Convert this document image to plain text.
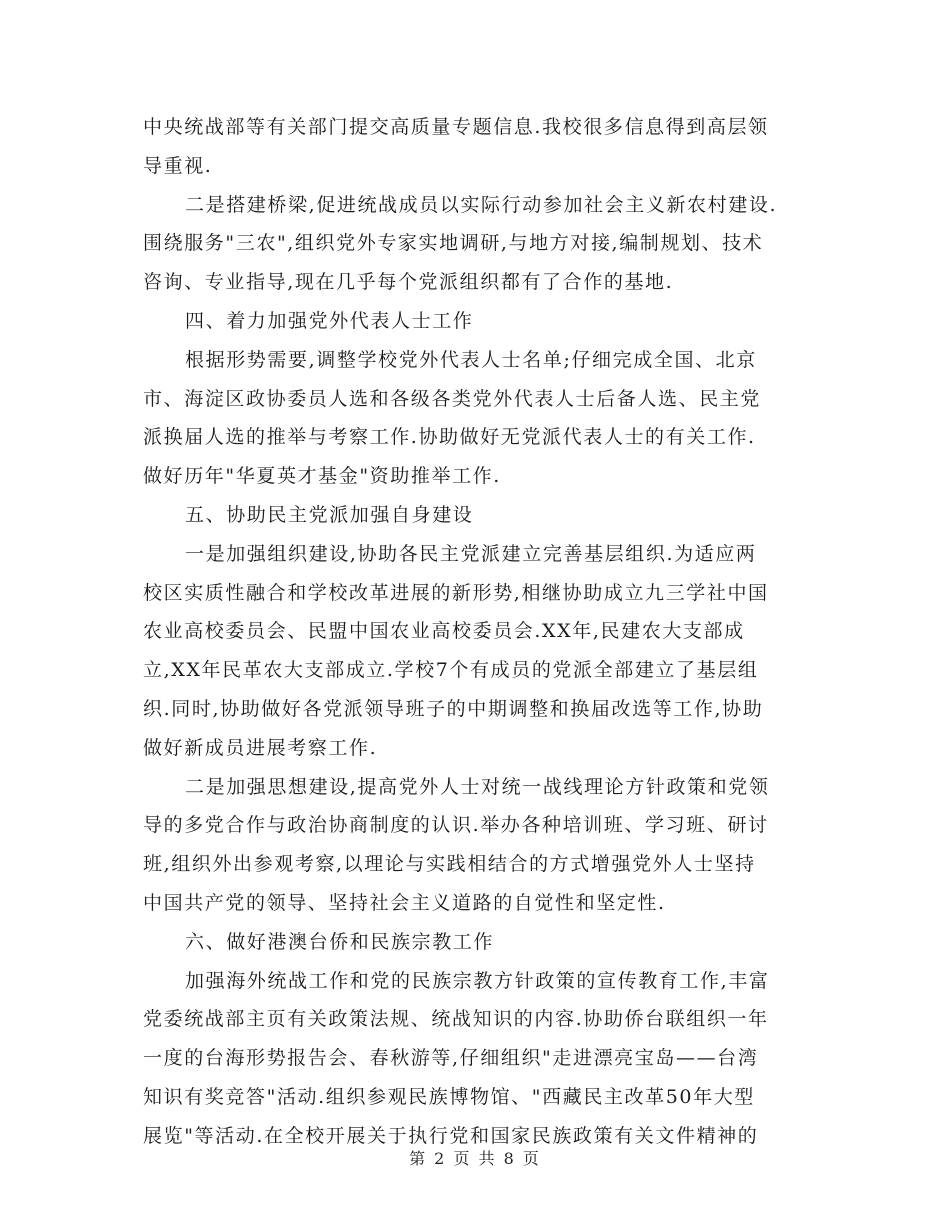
中央统战部等有关部门提交高质量专题信息.我校很多信息得到高层领
导重视.
二是搭建桥梁,促进统战成员以实际行动参加社会主义新农村建设.
围绕服务"三农",组织党外专家实地调研,与地方对接,编制规划、技术
咨询、专业指导,现在几乎每个党派组织都有了合作的基地.
四、着力加强党外代表人士工作
根据形势需要,调整学校党外代表人士名单;仔细完成全国、北京
市、海淀区政协委员人选和各级各类党外代表人士后备人选、民主党
派换届人选的推举与考察工作.协助做好无党派代表人士的有关工作.
做好历年"华夏英才基金"资助推举工作.
五、协助民主党派加强自身建设
一是加强组织建设,协助各民主党派建立完善基层组织.为适应两
校区实质性融合和学校改革进展的新形势,相继协助成立九三学社中国
农业高校委员会、民盟中国农业高校委员会.XX年,民建农大支部成
立,XX年民革农大支部成立.学校7个有成员的党派全部建立了基层组
织.同时,协助做好各党派领导班子的中期调整和换届改选等工作,协助
做好新成员进展考察工作.
二是加强思想建设,提高党外人士对统一战线理论方针政策和党领
导的多党合作与政治协商制度的认识.举办各种培训班、学习班、研讨
班,组织外出参观考察,以理论与实践相结合的方式增强党外人士坚持
中国共产党的领导、坚持社会主义道路的自觉性和坚定性.
六、做好港澳台侨和民族宗教工作
加强海外统战工作和党的民族宗教方针政策的宣传教育工作,丰富
党委统战部主页有关政策法规、统战知识的内容.协助侨台联组织一年
一度的台海形势报告会、春秋游等,仔细组织"走进漂亮宝岛——台湾
知识有奖竞答"活动.组织参观民族博物馆、"西藏民主改革50年大型
展览"等活动.在全校开展关于执行党和国家民族政策有关文件精神的
第 2 页 共 8 页
